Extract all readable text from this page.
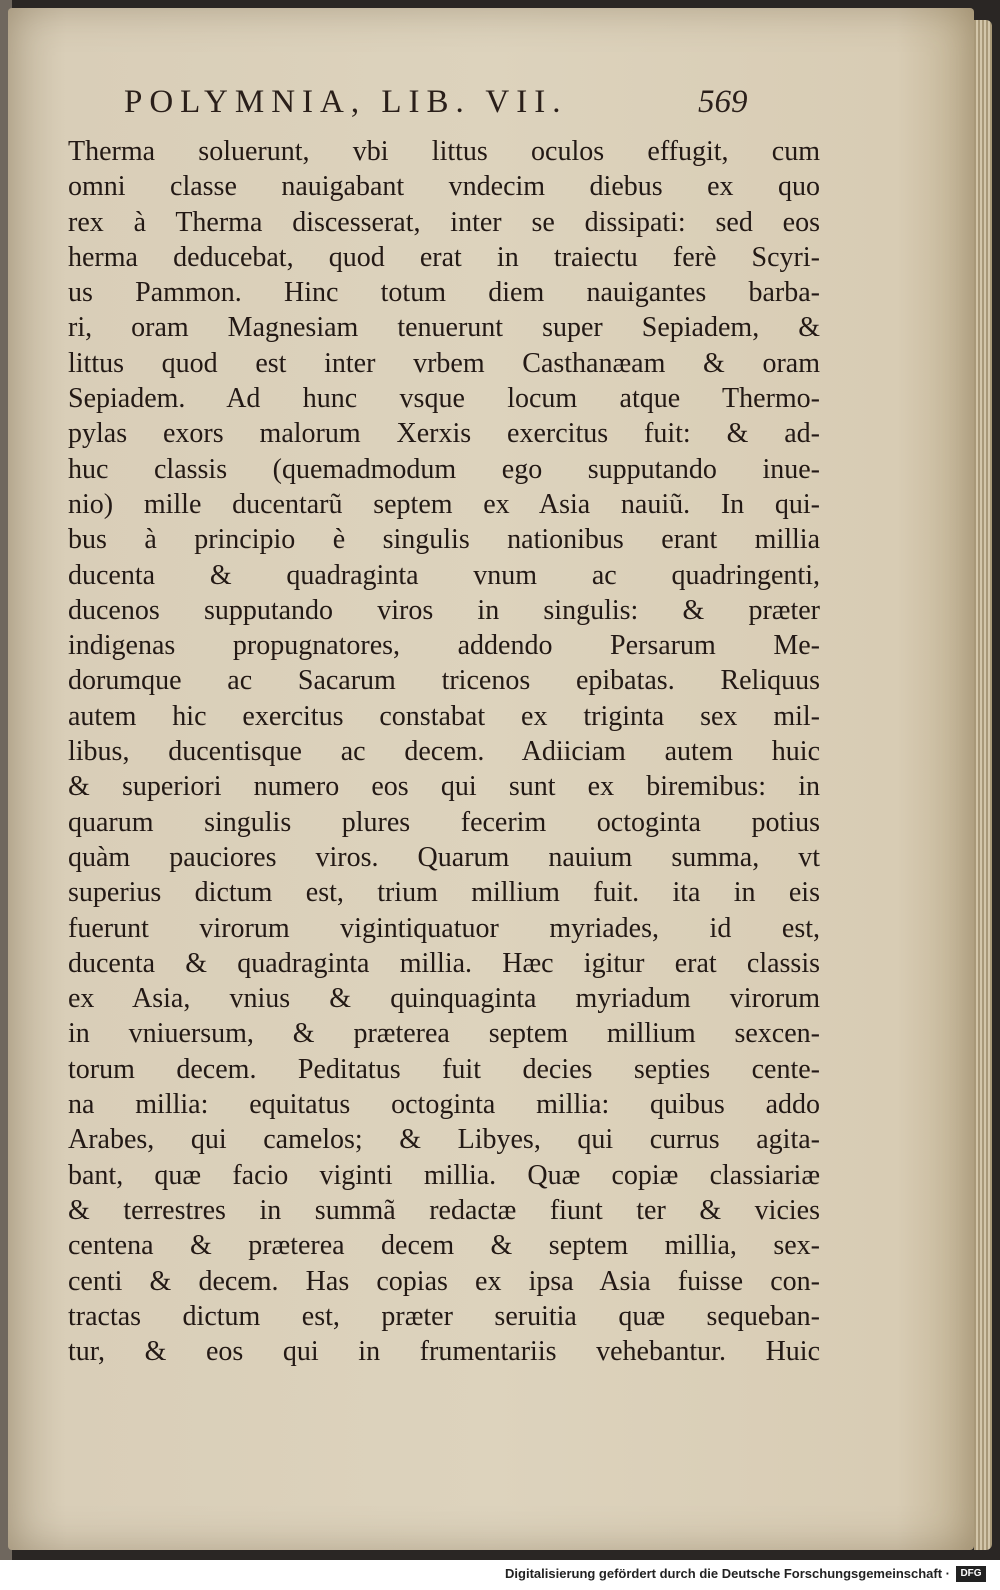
POLYMNIA, LIB. VII.	569
Therma soluerunt, vbi littus oculos effugit, cum
omni classe nauigabant vndecim diebus ex quo
rex à Therma discesserat, inter se dissipati: sed eos
herma deducebat, quod erat in traiectu ferè Scyri-
us Pammon. Hinc totum diem nauigantes barba-
ri, oram Magnesiam tenuerunt super Sepiadem, &
littus quod est inter vrbem Casthanæam & oram
Sepiadem. Ad hunc vsque locum atque Thermo-
pylas exors malorum Xerxis exercitus fuit: & ad-
huc classis (quemadmodum ego supputando inue-
nio) mille ducentarũ septem ex Asia nauiũ. In qui-
bus à principio è singulis nationibus erant millia
ducenta & quadraginta vnum ac quadringenti,
ducenos supputando viros in singulis: & præter
indigenas propugnatores, addendo Persarum Me-
dorumque ac Sacarum tricenos epibatas. Reliquus
autem hic exercitus constabat ex triginta sex mil-
libus, ducentisque ac decem. Adiiciam autem huic
& superiori numero eos qui sunt ex biremibus: in
quarum singulis plures fecerim octoginta potius
quàm pauciores viros. Quarum nauium summa, vt
superius dictum est, trium millium fuit. ita in eis
fuerunt virorum vigintiquatuor myriades, id est,
ducenta & quadraginta millia. Hæc igitur erat classis
ex Asia, vnius & quinquaginta myriadum virorum
in vniuersum, & præterea septem millium sexcen-
torum decem. Peditatus fuit decies septies cente-
na millia: equitatus octoginta millia: quibus addo
Arabes, qui camelos; & Libyes, qui currus agita-
bant, quæ facio viginti millia. Quæ copiæ classiariæ
& terrestres in summã redactæ fiunt ter & vicies
centena & præterea decem & septem millia, sex-
centi & decem. Has copias ex ipsa Asia fuisse con-
tractas dictum est, præter seruitia quæ sequeban-
tur, & eos qui in frumentariis vehebantur. Huic
Digitalisierung gefördert durch die Deutsche Forschungsgemeinschaft ·	DFG
